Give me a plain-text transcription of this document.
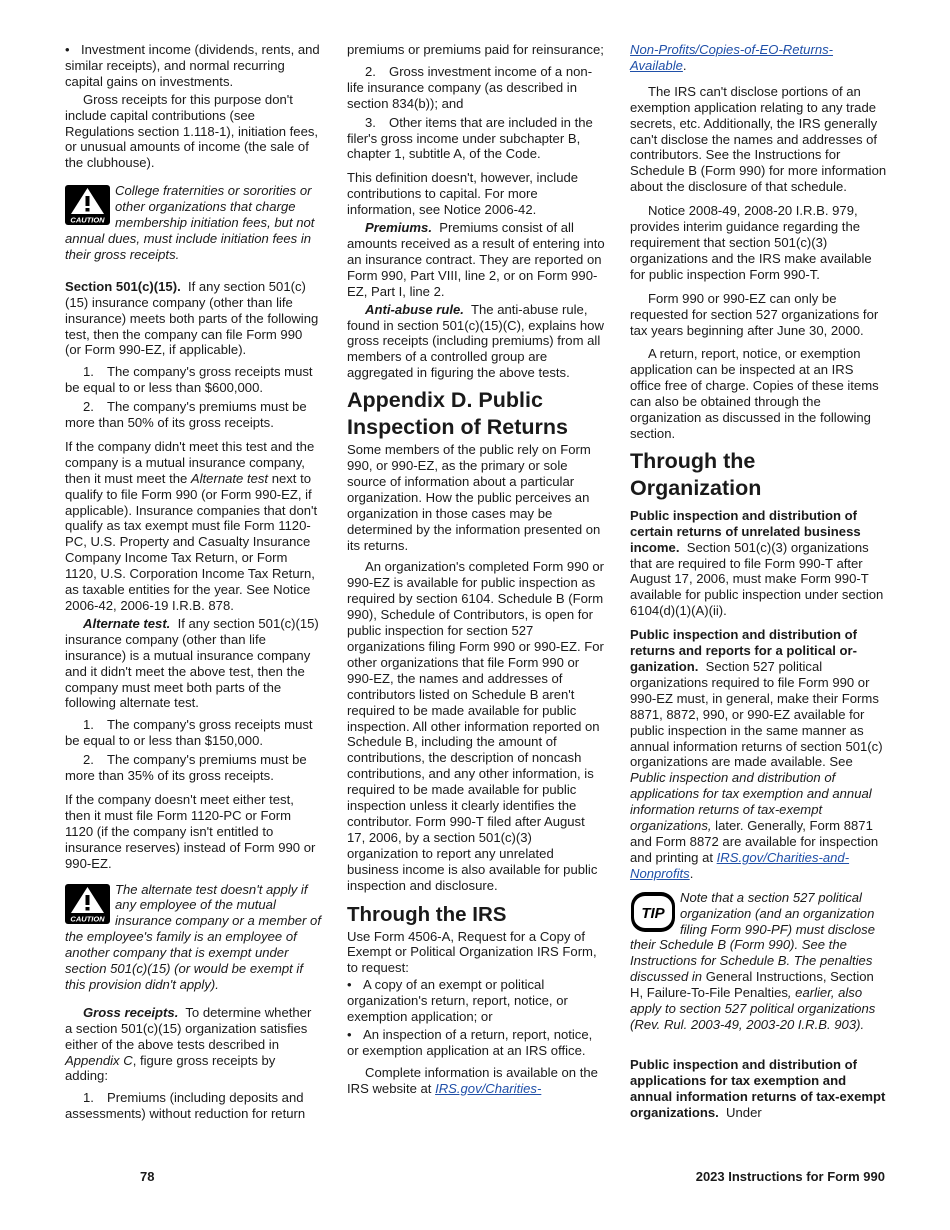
• Investment income (dividends, rents, and similar receipts), and normal recurring capital gains on investments.

Gross receipts for this purpose don't include capital contributions (see Regulations section 1.118-1), initiation fees, or unusual amounts of income (the sale of the clubhouse).

CAUTION
College fraternities or sororities or other organizations that charge membership initiation fees, but not annual dues, must include initiation fees in their gross receipts.

Section 501(c)(15). If any section 501(c)(15) insurance company (other than life insurance) meets both parts of the following test, then the company can file Form 990 (or Form 990-EZ, if applicable).

1. The company's gross receipts must be equal to or less than $600,000.

2. The company's premiums must be more than 50% of its gross receipts.

If the company didn't meet this test and the company is a mutual insurance company, then it must meet the Alternate test next to qualify to file Form 990 (or Form 990-EZ, if applicable). Insurance companies that don't qualify as tax exempt must file Form 1120-PC, U.S. Property and Casualty Insurance Company Income Tax Return, or Form 1120, U.S. Corporation Income Tax Return, as taxable entities for the year. See Notice 2006-42, 2006-19 I.R.B. 878.

Alternate test. If any section 501(c)(15) insurance company (other than life insurance) is a mutual insurance company and it didn't meet the above test, then the company must meet both parts of the following alternate test.

1. The company's gross receipts must be equal to or less than $150,000.

2. The company's premiums must be more than 35% of its gross receipts.

If the company doesn't meet either test, then it must file Form 1120-PC or Form 1120 (if the company isn't entitled to insurance reserves) instead of Form 990 or 990-EZ.

CAUTION
The alternate test doesn't apply if any employee of the mutual insurance company or a member of the employee's family is an employee of another company that is exempt under section 501(c)(15) (or would be exempt if this provision didn't apply).

Gross receipts. To determine whether a section 501(c)(15) organization satisfies either of the above tests described in Appendix C, figure gross receipts by adding:

1. Premiums (including deposits and assessments) without reduction for return

premiums or premiums paid for reinsurance;

2. Gross investment income of a non-life insurance company (as described in section 834(b)); and

3. Other items that are included in the filer's gross income under subchapter B, chapter 1, subtitle A, of the Code.

This definition doesn't, however, include contributions to capital. For more information, see Notice 2006-42.

Premiums. Premiums consist of all amounts received as a result of entering into an insurance contract. They are reported on Form 990, Part VIII, line 2, or on Form 990-EZ, Part I, line 2.

Anti-abuse rule. The anti-abuse rule, found in section 501(c)(15)(C), explains how gross receipts (including premiums) from all members of a controlled group are aggregated in figuring the above tests.

Appendix D. Public Inspection of Returns

Some members of the public rely on Form 990, or 990-EZ, as the primary or sole source of information about a particular organization. How the public perceives an organization in those cases may be determined by the information presented on its returns.

An organization's completed Form 990 or 990-EZ is available for public inspection as required by section 6104. Schedule B (Form 990), Schedule of Contributors, is open for public inspection for section 527 organizations filing Form 990 or 990-EZ. For other organizations that file Form 990 or 990-EZ, the names and addresses of contributors listed on Schedule B aren't required to be made available for public inspection. All other information reported on Schedule B, including the amount of contributions, the description of noncash contributions, and any other information, is required to be made available for public inspection unless it clearly identifies the contributor. Form 990-T filed after August 17, 2006, by a section 501(c)(3) organization to report any unrelated business income is also available for public inspection and disclosure.

Through the IRS

Use Form 4506-A, Request for a Copy of Exempt or Political Organization IRS Form, to request:

• A copy of an exempt or political organization's return, report, notice, or exemption application; or

• An inspection of a return, report, notice, or exemption application at an IRS office.

Complete information is available on the IRS website at IRS.gov/Charities-

Non-Profits/Copies-of-EO-Returns-Available.

The IRS can't disclose portions of an exemption application relating to any trade secrets, etc. Additionally, the IRS generally can't disclose the names and addresses of contributors. See the Instructions for Schedule B (Form 990) for more information about the disclosure of that schedule.

Notice 2008-49, 2008-20 I.R.B. 979, provides interim guidance regarding the requirement that section 501(c)(3) organizations and the IRS make available for public inspection Form 990-T.

Form 990 or 990-EZ can only be requested for section 527 organizations for tax years beginning after June 30, 2000.

A return, report, notice, or exemption application can be inspected at an IRS office free of charge. Copies of these items can also be obtained through the organization as discussed in the following section.

Through the Organization

Public inspection and distribution of certain returns of unrelated business income. Section 501(c)(3) organizations that are required to file Form 990-T after August 17, 2006, must make Form 990-T available for public inspection under section 6104(d)(1)(A)(ii).

Public inspection and distribution of returns and reports for a political organization. Section 527 political organizations required to file Form 990 or 990-EZ must, in general, make their Forms 8871, 8872, 990, or 990-EZ available for public inspection in the same manner as annual information returns of section 501(c) organizations are made available. See Public inspection and distribution of applications for tax exemption and annual information returns of tax-exempt organizations, later. Generally, Form 8871 and Form 8872 are available for inspection and printing at IRS.gov/Charities-and-Nonprofits.

TIP
Note that a section 527 political organization (and an organization filing Form 990-PF) must disclose their Schedule B (Form 990). See the Instructions for Schedule B. The penalties discussed in General Instructions, Section H, Failure-To-File Penalties, earlier, also apply to section 527 political organizations (Rev. Rul. 2003-49, 2003-20 I.R.B. 903).

Public inspection and distribution of applications for tax exemption and annual information returns of tax-exempt organizations. Under

78	2023 Instructions for Form 990
